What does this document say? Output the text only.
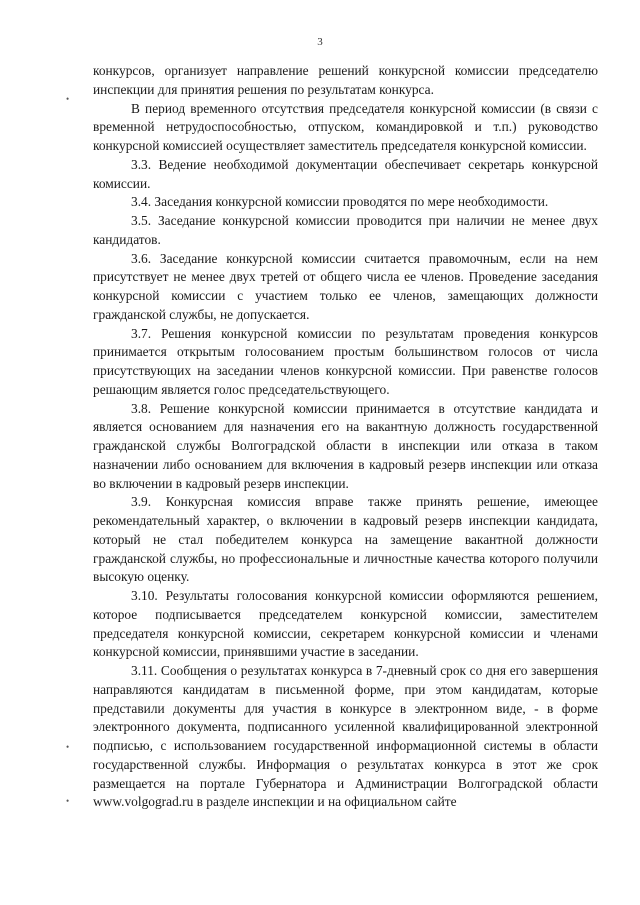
3
•
•
•

конкурсов, организует направление решений конкурсной комиссии председателю инспекции для принятия решения по результатам конкурса.

В период временного отсутствия председателя конкурсной комиссии (в связи с временной нетрудоспособностью, отпуском, командировкой и т.п.) руководство конкурсной комиссией осуществляет заместитель председателя конкурсной комиссии.

3.3. Ведение необходимой документации обеспечивает секретарь конкурсной комиссии.

3.4. Заседания конкурсной комиссии проводятся по мере необходимости.

3.5. Заседание конкурсной комиссии проводится при наличии не менее двух кандидатов.

3.6. Заседание конкурсной комиссии считается правомочным, если на нем присутствует не менее двух третей от общего числа ее членов. Проведение заседания конкурсной комиссии с участием только ее членов, замещающих должности гражданской службы, не допускается.

3.7. Решения конкурсной комиссии по результатам проведения конкурсов принимается открытым голосованием простым большинством голосов от числа присутствующих на заседании членов конкурсной комиссии. При равенстве голосов решающим является голос председательствующего.

3.8. Решение конкурсной комиссии принимается в отсутствие кандидата и является основанием для назначения его на вакантную должность государственной гражданской службы Волгоградской области в инспекции или отказа в таком назначении либо основанием для включения в кадровый резерв инспекции или отказа во включении в кадровый резерв инспекции.

3.9. Конкурсная комиссия вправе также принять решение, имеющее рекомендательный характер, о включении в кадровый резерв инспекции кандидата, который не стал победителем конкурса на замещение вакантной должности гражданской службы, но профессиональные и личностные качества которого получили высокую оценку.

3.10. Результаты голосования конкурсной комиссии оформляются решением, которое подписывается председателем конкурсной комиссии, заместителем председателя конкурсной комиссии, секретарем конкурсной комиссии и членами конкурсной комиссии, принявшими участие в заседании.

3.11. Сообщения о результатах конкурса в 7-дневный срок со дня его завершения направляются кандидатам в письменной форме, при этом кандидатам, которые представили документы для участия в конкурсе в электронном виде, - в форме электронного документа, подписанного усиленной квалифицированной электронной подписью, с использованием государственной информационной системы в области государственной службы. Информация о результатах конкурса в этот же срок размещается на портале Губернатора и Администрации Волгоградской области www.volgograd.ru в разделе инспекции и на официальном сайте
